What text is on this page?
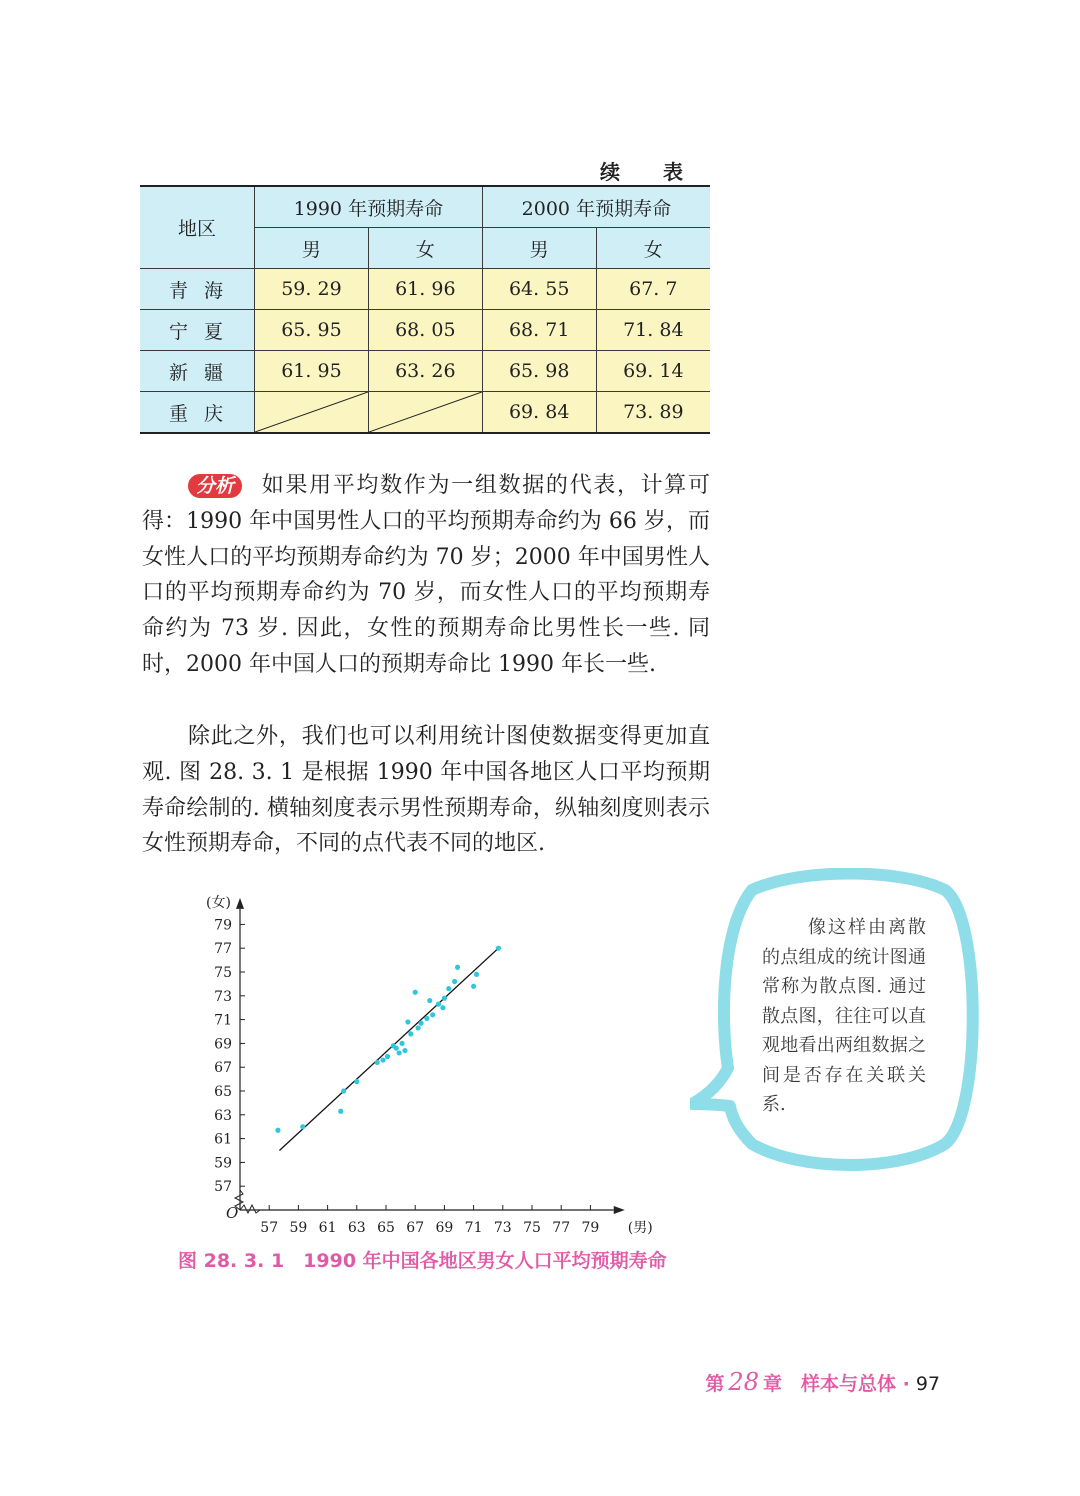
续 表
地区	1990 年预期寿命		2000 年预期寿命	
	男	女	男	女
青海	59. 29	61. 96	64. 55	67. 7
宁夏	65. 95	68. 05	68. 71	71. 84
新疆	61. 95	63. 26	65. 98	69. 14
重庆			69. 84	73. 89

分析 如果用平均数作为一组数据的代表，计算可得：1990 年中国男性人口的平均预期寿命约为 66 岁，而女性人口的平均预期寿命约为 70 岁；2000 年中国男性人口的平均预期寿命约为 70 岁，而女性人口的平均预期寿命约为 73 岁. 因此，女性的预期寿命比男性长一些. 同时，2000 年中国人口的预期寿命比 1990 年长一些.

除此之外，我们也可以利用统计图使数据变得更加直观. 图 28. 3. 1 是根据 1990 年中国各地区人口平均预期寿命绘制的. 横轴刻度表示男性预期寿命，纵轴刻度则表示女性预期寿命，不同的点代表不同的地区.

O
57 59 61 63 65 67 69 71 73 75 77 79 (男)
57
59
61
63
65
67
69
71
73
75
77
79
(女)
图 28. 3. 1　1990 年中国各地区男女人口平均预期寿命

像这样由离散的点组成的统计图通常称为散点图. 通过散点图，往往可以直观地看出两组数据之间是否存在关联关系.

第 28 章　样本与总体 · 97
